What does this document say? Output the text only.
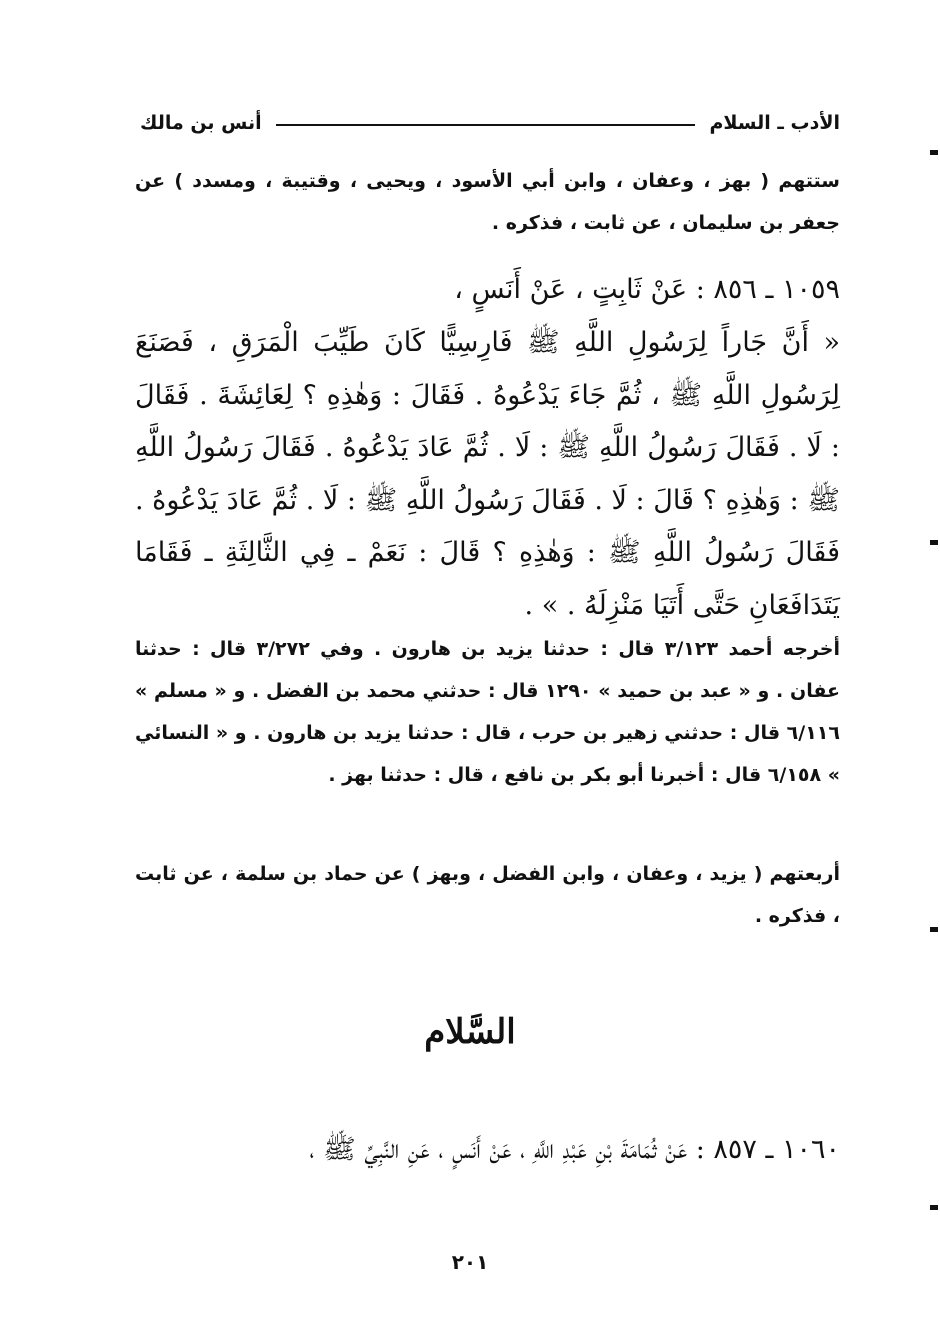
الأدب ـ السلام
أنس بن مالك
ستتهم ( بهز ، وعفان ، وابن أبي الأسود ، ويحيى ، وقتيبة ، ومسدد ) عن جعفر بن سليمان ، عن ثابت ، فذكره .
١٠٥٩ ـ ٨٥٦ : عَنْ ثَابِتٍ ، عَنْ أَنَسٍ ،
« أَنَّ جَاراً لِرَسُولِ اللَّهِ ﷺ فَارِسِيًّا كَانَ طَيِّبَ الْمَرَقِ ، فَصَنَعَ لِرَسُولِ اللَّهِ ﷺ ، ثُمَّ جَاءَ يَدْعُوهُ . فَقَالَ : وَهٰذِهِ ؟ لِعَائِشَةَ . فَقَالَ : لَا . فَقَالَ رَسُولُ اللَّهِ ﷺ : لَا . ثُمَّ عَادَ يَدْعُوهُ . فَقَالَ رَسُولُ اللَّهِ ﷺ : وَهٰذِهِ ؟ قَالَ : لَا . فَقَالَ رَسُولُ اللَّهِ ﷺ : لَا . ثُمَّ عَادَ يَدْعُوهُ . فَقَالَ رَسُولُ اللَّهِ ﷺ : وَهٰذِهِ ؟ قَالَ : نَعَمْ ـ فِي الثَّالِثَةِ ـ فَقَامَا يَتَدَافَعَانِ حَتَّى أَتَيَا مَنْزِلَهُ . » .
أخرجه أحمد ٣/١٢٣ قال : حدثنا يزيد بن هارون . وفي ٣/٢٧٢ قال : حدثنا عفان . و « عبد بن حميد » ١٢٩٠ قال : حدثني محمد بن الفضل . و « مسلم » ٦/١١٦ قال : حدثني زهير بن حرب ، قال : حدثنا يزيد بن هارون . و « النسائي » ٦/١٥٨ قال : أخبرنا أبو بكر بن نافع ، قال : حدثنا بهز .
أربعتهم ( يزيد ، وعفان ، وابن الفضل ، وبهز ) عن حماد بن سلمة ، عن ثابت ، فذكره .
السَّلام
١٠٦٠ ـ ٨٥٧ : عَنْ ثُمَامَةَ بْنِ عَبْدِ اللَّهِ ، عَنْ أَنَسٍ ، عَنِ النَّبِيِّ ﷺ ،
٢٠١
